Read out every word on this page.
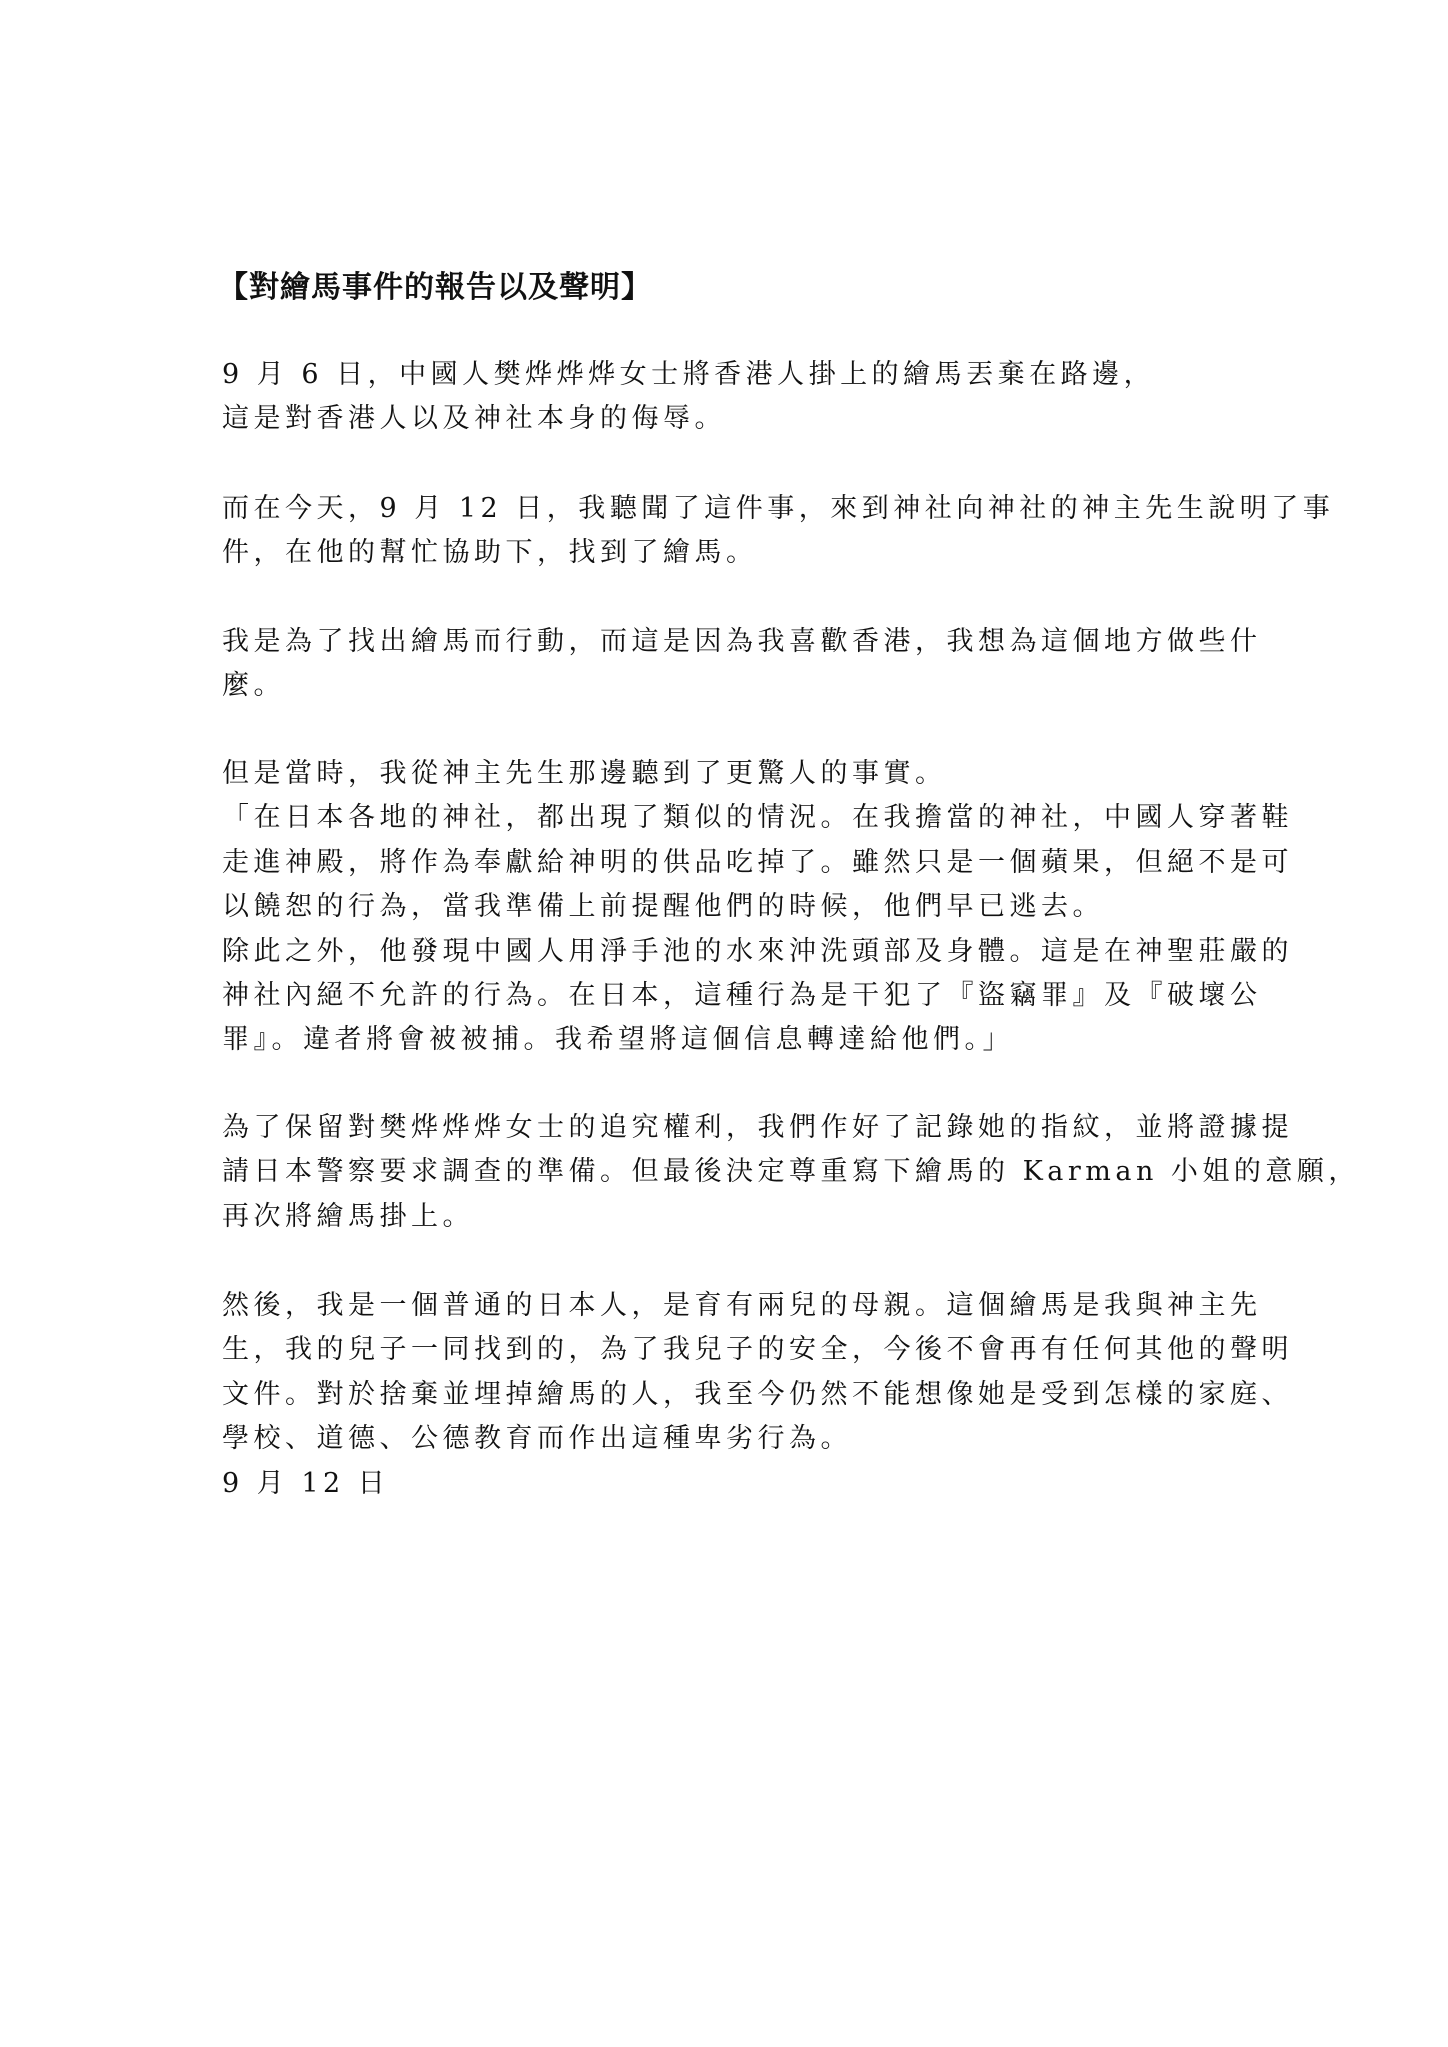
【對繪馬事件的報告以及聲明】

9 月 6 日，中國人樊烨烨烨女士將香港人掛上的繪馬丟棄在路邊，
這是對香港人以及神社本身的侮辱。

而在今天，9 月 12 日，我聽聞了這件事，來到神社向神社的神主先生說明了事
件，在他的幫忙協助下，找到了繪馬。

我是為了找出繪馬而行動，而這是因為我喜歡香港，我想為這個地方做些什
麼。

但是當時，我從神主先生那邊聽到了更驚人的事實。
「在日本各地的神社，都出現了類似的情況。在我擔當的神社，中國人穿著鞋
走進神殿，將作為奉獻給神明的供品吃掉了。雖然只是一個蘋果，但絕不是可
以饒恕的行為，當我準備上前提醒他們的時候，他們早已逃去。
除此之外，他發現中國人用淨手池的水來沖洗頭部及身體。這是在神聖莊嚴的
神社內絕不允許的行為。在日本，這種行為是干犯了『盜竊罪』及『破壞公
罪』。違者將會被被捕。我希望將這個信息轉達給他們。」

為了保留對樊烨烨烨女士的追究權利，我們作好了記錄她的指紋，並將證據提
請日本警察要求調查的準備。但最後決定尊重寫下繪馬的 Karman 小姐的意願，
再次將繪馬掛上。

然後，我是一個普通的日本人，是育有兩兒的母親。這個繪馬是我與神主先
生，我的兒子一同找到的，為了我兒子的安全，今後不會再有任何其他的聲明
文件。對於捨棄並埋掉繪馬的人，我至今仍然不能想像她是受到怎樣的家庭、
學校、道德、公德教育而作出這種卑劣行為。
9 月 12 日
